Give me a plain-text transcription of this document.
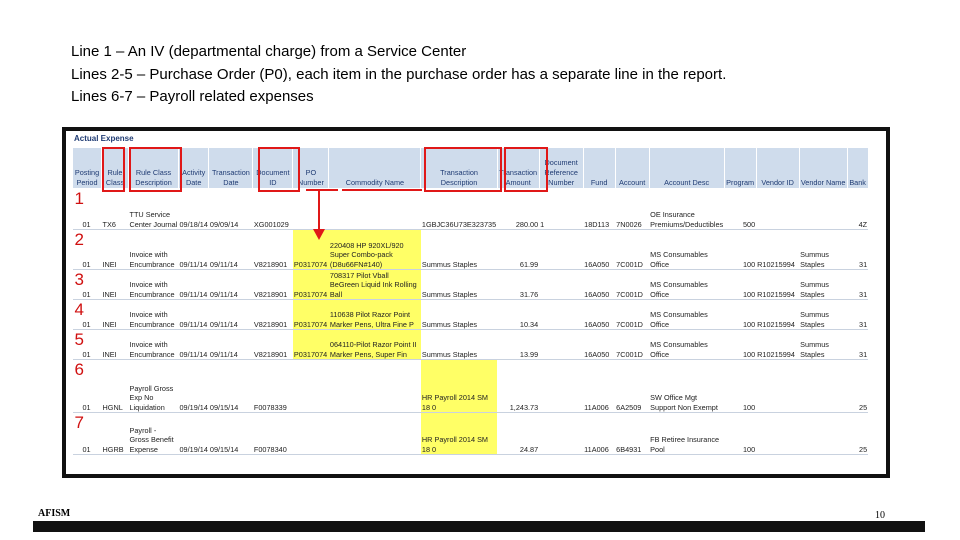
Line 1 – An IV (departmental charge) from a Service Center
Lines 2-5 – Purchase Order (P0), each item in the purchase order has a separate line in the report.
Lines 6-7 – Payroll related expenses
Actual Expense
Posting Period	Rule Class	Rule Class Description	Activity Date	Transaction Date	Document ID	PO Number	Commodity Name	Transaction Description	Transaction Amount	Document Reference Number	Fund	Account	Account Desc	Program	Vendor ID	Vendor Name	Bank

1
01	TX6	TTU Service Center Journal	09/18/14	09/09/14	XG001029			1GBJC36U73E323735	280.00	1	18D113	7N0026	OE Insurance Premiums/Deductibles	500			4Z

2
01	INEI	Invoice with Encumbrance	09/11/14	09/11/14	V8218901	P0317074	220408 HP 920XL/920 Super Combo-pack (D8u66FN#140)	Summus Staples	61.99		16A050	7C001D	MS Consumables Office	100	R10215994	Summus Staples	31

3
01	INEI	Invoice with Encumbrance	09/11/14	09/11/14	V8218901	P0317074	708317 Pilot Vball BeGreen Liquid Ink Rolling Ball	Summus Staples	31.76		16A050	7C001D	MS Consumables Office	100	R10215994	Summus Staples	31

4
01	INEI	Invoice with Encumbrance	09/11/14	09/11/14	V8218901	P0317074	110638 Pilot Razor Point Marker Pens, Ultra Fine P	Summus Staples	10.34		16A050	7C001D	MS Consumables Office	100	R10215994	Summus Staples	31

5
01	INEI	Invoice with Encumbrance	09/11/14	09/11/14	V8218901	P0317074	064110-Pilot Razor Point II Marker Pens, Super Fin	Summus Staples	13.99		16A050	7C001D	MS Consumables Office	100	R10215994	Summus Staples	31

6
01	HGNL	Payroll Gross Exp No Liquidation	09/19/14	09/15/14	F0078339			HR Payroll 2014 SM 18 0	1,243.73		11A006	6A2509	SW Office Mgt Support Non Exempt	100			25

7
01	HGRB	Payroll - Gross Benefit Expense	09/19/14	09/15/14	F0078340			HR Payroll 2014 SM 18 0	24.87		11A006	6B4931	FB Retiree Insurance Pool	100			25
AFISM	10
